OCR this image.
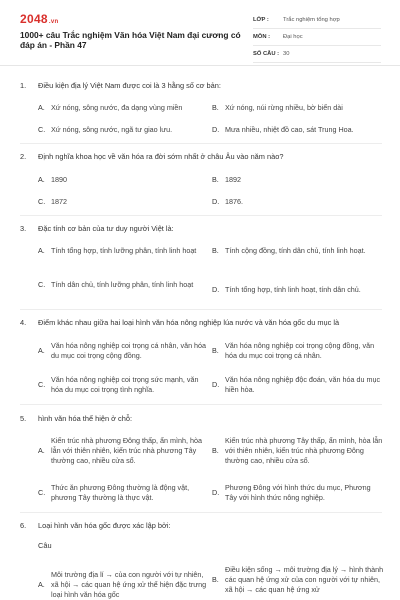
2048.vn
1000+ câu Trắc nghiệm Văn hóa Việt Nam đại cương có đáp án - Phần 47
LỚP :	Trắc nghiệm tổng hợp
MÔN :	Đại học
SỐ CÂU : 30
1.	Điều kiện địa lý Việt Nam được coi là 3 hằng số cơ bản:
A. Xứ nóng, sông nước, đa dạng vùng miền	B. Xứ nóng, núi rừng nhiều, bờ biển dài
C. Xứ nóng, sông nước, ngã tư giao lưu.	D. Mưa nhiều, nhiệt đồ cao, sát Trung Hoa.
2.	Định nghĩa khoa học về văn hóa ra đời sớm nhất ở châu Âu vào năm nào?
A. 1890	B. 1892
C. 1872	D. 1876.
3.	Đặc tính cơ bản của tư duy người Việt là:
A. Tính tổng hợp, tính lưỡng phân, tính linh hoạt B. Tính cộng đồng, tính dân chủ, tính linh hoạt.
C. Tính dân chủ, tính lưỡng phân, tính linh hoạt
D. Tính tổng hợp, tính linh hoạt, tính dân chủ.
4.	Điểm khác nhau giữa hai loại hình văn hóa nông nghiệp lúa nước và văn hóa gốc du mục là
A.
Văn hóa nông nghiệp coi trọng cá nhân, văn hóa du mục coi trọng cộng đồng.
B.
Văn hóa nông nghiệp coi trọng cộng đồng, văn hóa du mục coi trọng cá nhân.
C.
Văn hóa nông nghiệp coi trọng sức mạnh, văn hóa du mục coi trọng tình nghĩa.
D.
Văn hóa nông nghiệp độc đoán, văn hóa du mục hiền hòa.
5.	hình văn hóa thể hiện ở chỗ:
A.
Kiến trúc nhà phương Đông thấp, ẩn mình, hòa lẫn với thiên nhiên, kiến trúc nhà phương Tây thường cao, nhiều cửa sổ.
B.
Kiến trúc nhà phương Tây thấp, ẩn mình, hòa lẫn với thiên nhiên, kiến trúc nhà phương Đông thường cao, nhiều cửa sổ.
C.
Thức ăn phương Đông thường là động vật, phương Tây thường là thực vật.
D.
Phương Đông với hình thức du mục, Phương Tây với hình thức nông nghiệp.
6.	Loại hình văn hóa gốc được xác lập bởi:
Câu
A.
Môi trường địa lí → của con người với tự nhiên, xã hội → các quan hệ ứng xử thể hiện đặc trưng loại hình văn hóa gốc
B.
Điều kiện sống → môi trường địa lý → hình thành các quan hệ ứng xử của con người với tự nhiên, xã hội → các quan hệ ứng xử
